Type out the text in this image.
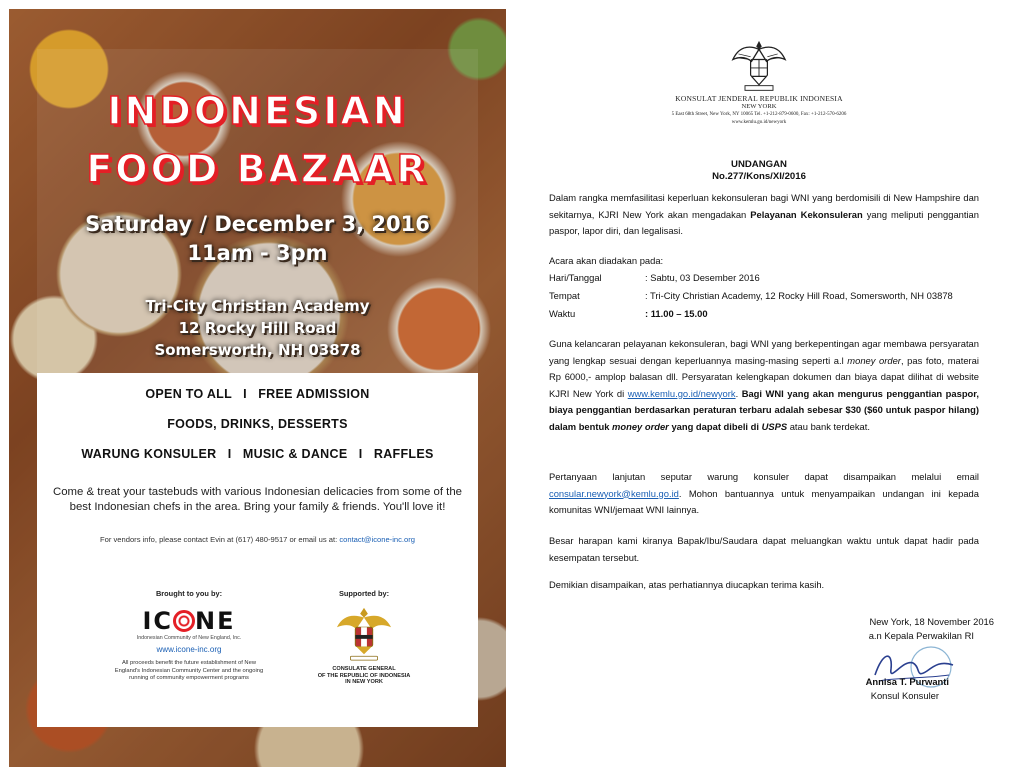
INDONESIAN
FOOD BAZAAR
Saturday / December 3, 2016
11am - 3pm
Tri-City Christian Academy
12 Rocky Hill Road
Somersworth, NH 03878
OPEN TO ALL   I   FREE ADMISSION
FOODS, DRINKS, DESSERTS
WARUNG KONSULER   I   MUSIC & DANCE   I   RAFFLES
Come & treat your tastebuds with various Indonesian delicacies from some of the best Indonesian chefs in the area. Bring your family & friends. You'll love it!
For vendors info, please contact Evin at (617) 480-9517 or email us at: contact@icone-inc.org
Brought to you by:
IC NE
Indonesian Community of New England, Inc.
www.icone-inc.org
All proceeds benefit the future establishment of New England's Indonesian Community Center and the ongoing running of community empowerment programs
Supported by:
CONSULATE GENERAL
OF THE REPUBLIC OF INDONESIA
IN NEW YORK
KONSULAT JENDERAL REPUBLIK INDONESIA
NEW YORK
5 East 68th Street, New York, NY 10065 Tel. +1-212-879-0600, Fax: +1-212-570-6206
www.kemlu.go.id/newyork
UNDANGAN
No.277/Kons/XI/2016
Dalam rangka memfasilitasi keperluan kekonsuleran bagi WNI yang berdomisili di New Hampshire dan sekitarnya, KJRI New York akan mengadakan Pelayanan Kekonsuleran yang meliputi penggantian paspor, lapor diri, dan legalisasi.
Acara akan diadakan pada:
Hari/Tanggal	: Sabtu, 03 Desember 2016
Tempat	: Tri-City Christian Academy, 12 Rocky Hill Road, Somersworth, NH 03878
Waktu	: 11.00 – 15.00
Guna kelancaran pelayanan kekonsuleran, bagi WNI yang berkepentingan agar membawa persyaratan yang lengkap sesuai dengan keperluannya masing-masing seperti a.l money order, pas foto, materai Rp 6000,- amplop balasan dll. Persyaratan kelengkapan dokumen dan biaya dapat dilihat di website KJRI New York di www.kemlu.go.id/newyork. Bagi WNI yang akan mengurus penggantian paspor, biaya penggantian berdasarkan peraturan terbaru adalah sebesar $30 ($60 untuk paspor hilang) dalam bentuk money order yang dapat dibeli di USPS atau bank terdekat.
Pertanyaan lanjutan seputar warung konsuler dapat disampaikan melalui email consular.newyork@kemlu.go.id. Mohon bantuannya untuk menyampaikan undangan ini kepada komunitas WNI/jemaat WNI lainnya.
Besar harapan kami kiranya Bapak/Ibu/Saudara dapat meluangkan waktu untuk dapat hadir pada kesempatan tersebut.
Demikian disampaikan, atas perhatiannya diucapkan terima kasih.
New York, 18 November 2016
a.n Kepala Perwakilan RI
Annisa T. Purwanti
Konsul Konsuler
